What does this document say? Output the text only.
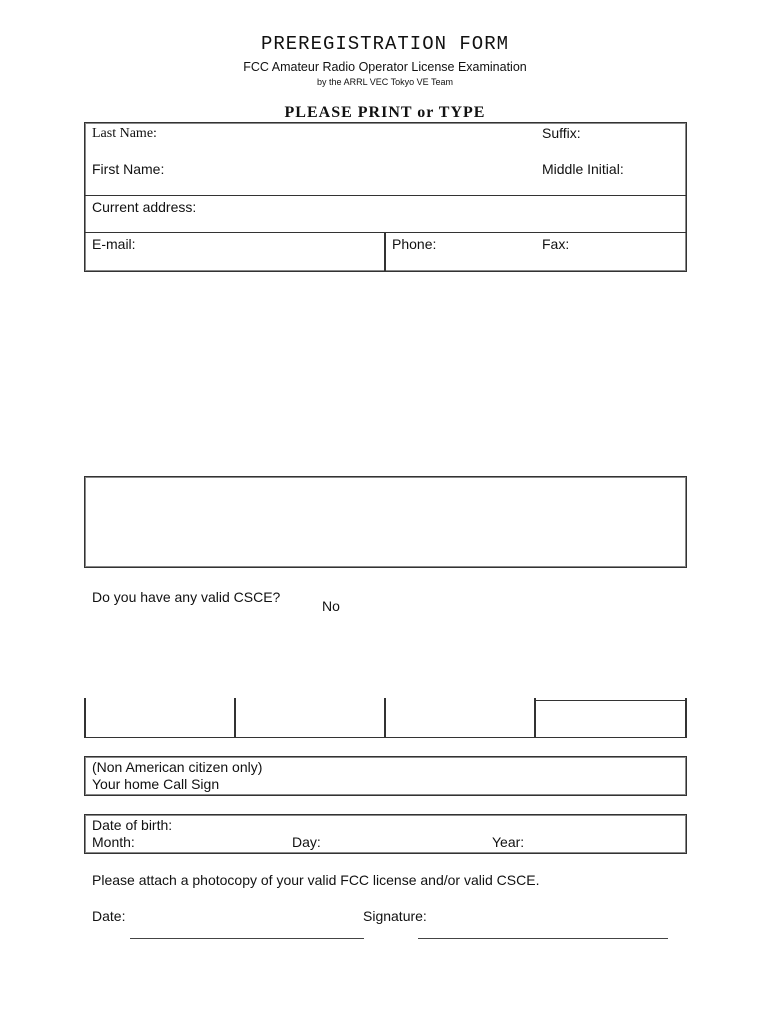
PREREGISTRATION FORM
FCC Amateur Radio Operator License Examination
by the ARRL VEC Tokyo VE Team
PLEASE PRINT or TYPE
Last Name:	Suffix:
First Name:	Middle Initial:
Current address:
E-mail:	Phone:	Fax:
Do you have any valid CSCE?
No
(Non American citizen only)
Your home Call Sign
Date of birth:
Month:	Day:	Year:
Please attach a photocopy of your valid FCC license and/or valid CSCE.
Date:	Signature:
